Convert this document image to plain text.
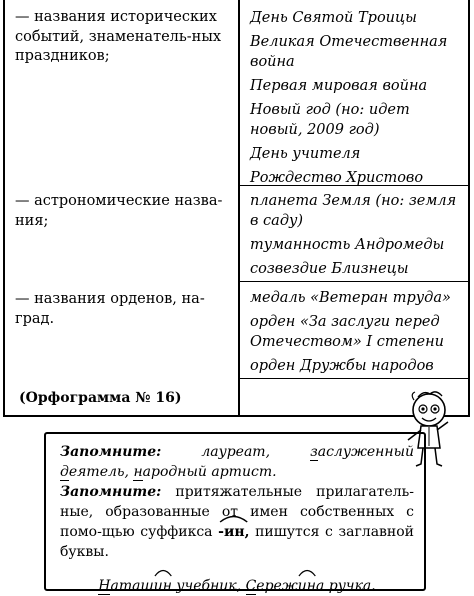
— названия исторических событий, знаменатель-ных праздников;
День Святой Троицы
Великая Отечественная война
Первая мировая война
Новый год (но: идет новый, 2009 год)
День учителя
Рождество Христово
— астрономические назва-ния;
планета Земля (но: земля в саду)
туманность Андромеды
созвездие Близнецы
— названия орденов, на-град.
медаль «Ветеран труда»
орден «За заслуги перед Отечеством» I степени
орден Дружбы народов
(Орфограмма № 16)

Запомните:	лауреат, заслуженный деятель, народный артист.

Запомните: притяжательные прилагатель-ные, образованные от имен собственных с помо-щью суффикса -ин, пишутся с заглавной буквы.

Наташ
ин учебник, Сереж
ина ручка.
